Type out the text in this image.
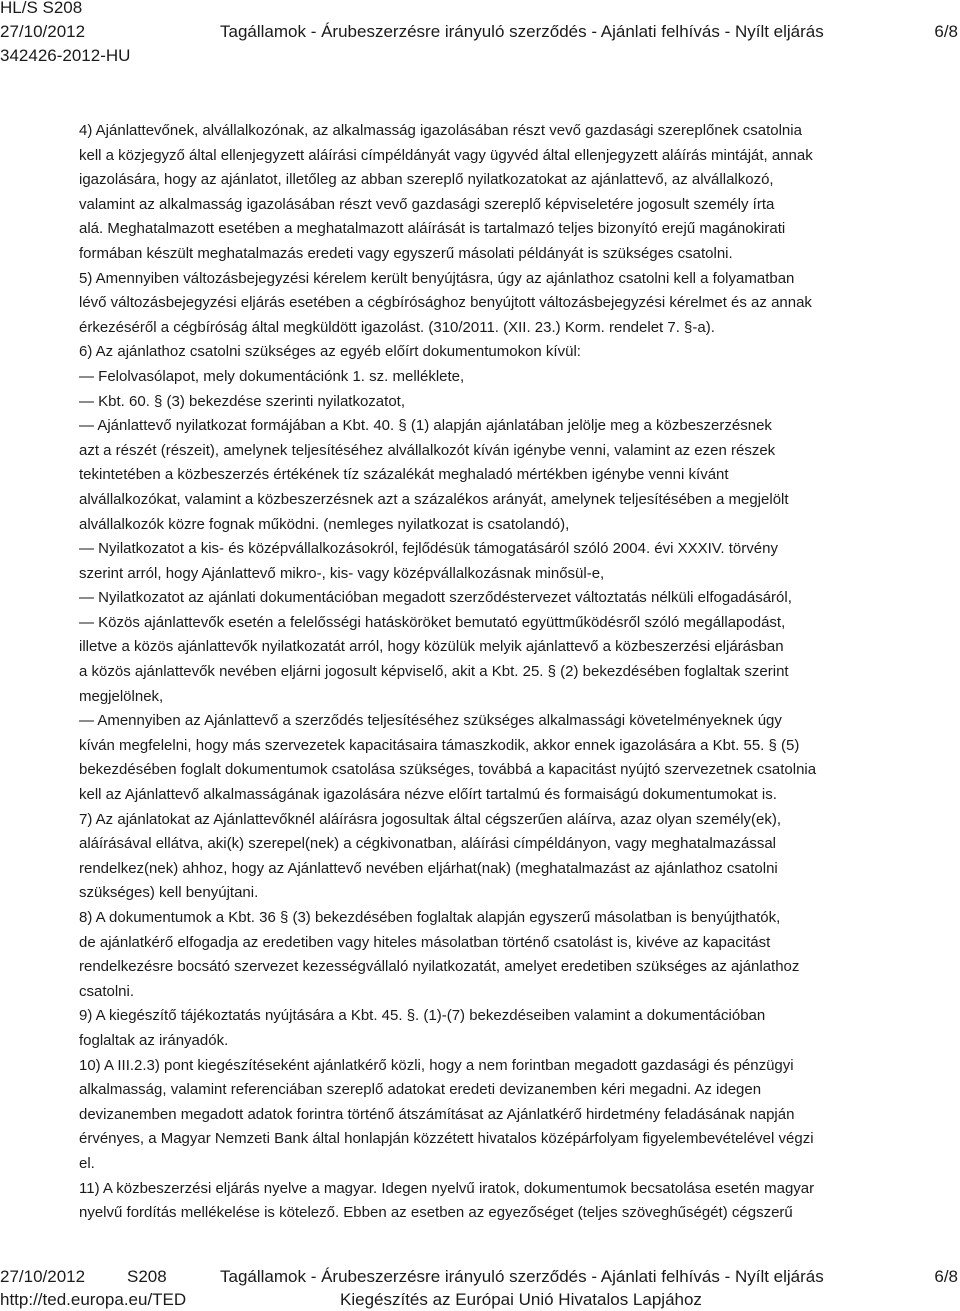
HL/S S208
27/10/2012	Tagállamok - Árubeszerzésre irányuló szerződés - Ajánlati felhívás - Nyílt eljárás	6/8
342426-2012-HU
4) Ajánlattevőnek, alvállalkozónak, az alkalmasság igazolásában részt vevő gazdasági szereplőnek csatolnia
kell a közjegyző által ellenjegyzett aláírási címpéldányát vagy ügyvéd által ellenjegyzett aláírás mintáját, annak
igazolására, hogy az ajánlatot, illetőleg az abban szereplő nyilatkozatokat az ajánlattevő, az alvállalkozó,
valamint az alkalmasság igazolásában részt vevő gazdasági szereplő képviseletére jogosult személy írta
alá. Meghatalmazott esetében a meghatalmazott aláírását is tartalmazó teljes bizonyító erejű magánokirati
formában készült meghatalmazás eredeti vagy egyszerű másolati példányát is szükséges csatolni.
5) Amennyiben változásbejegyzési kérelem került benyújtásra, úgy az ajánlathoz csatolni kell a folyamatban
lévő változásbejegyzési eljárás esetében a cégbírósághoz benyújtott változásbejegyzési kérelmet és az annak
érkezéséről a cégbíróság által megküldött igazolást. (310/2011. (XII. 23.) Korm. rendelet 7. §-a).
6) Az ajánlathoz csatolni szükséges az egyéb előírt dokumentumokon kívül:
— Felolvasólapot, mely dokumentációnk 1. sz. melléklete,
— Kbt. 60. § (3) bekezdése szerinti nyilatkozatot,
— Ajánlattevő nyilatkozat formájában a Kbt. 40. § (1) alapján ajánlatában jelölje meg a közbeszerzésnek
azt a részét (részeit), amelynek teljesítéséhez alvállalkozót kíván igénybe venni, valamint az ezen részek
tekintetében a közbeszerzés értékének tíz százalékát meghaladó mértékben igénybe venni kívánt
alvállalkozókat, valamint a közbeszerzésnek azt a százalékos arányát, amelynek teljesítésében a megjelölt
alvállalkozók közre fognak működni. (nemleges nyilatkozat is csatolandó),
— Nyilatkozatot a kis- és középvállalkozásokról, fejlődésük támogatásáról szóló 2004. évi XXXIV. törvény
szerint arról, hogy Ajánlattevő mikro-, kis- vagy középvállalkozásnak minősül-e,
— Nyilatkozatot az ajánlati dokumentációban megadott szerződéstervezet változtatás nélküli elfogadásáról,
— Közös ajánlattevők esetén a felelősségi hatásköröket bemutató együttműködésről szóló megállapodást,
illetve a közös ajánlattevők nyilatkozatát arról, hogy közülük melyik ajánlattevő a közbeszerzési eljárásban
a közös ajánlattevők nevében eljárni jogosult képviselő, akit a Kbt. 25. § (2) bekezdésében foglaltak szerint
megjelölnek,
— Amennyiben az Ajánlattevő a szerződés teljesítéséhez szükséges alkalmassági követelményeknek úgy
kíván megfelelni, hogy más szervezetek kapacitásaira támaszkodik, akkor ennek igazolására a Kbt. 55. § (5)
bekezdésében foglalt dokumentumok csatolása szükséges, továbbá a kapacitást nyújtó szervezetnek csatolnia
kell az Ajánlattevő alkalmasságának igazolására nézve előírt tartalmú és formaiságú dokumentumokat is.
7) Az ajánlatokat az Ajánlattevőknél aláírásra jogosultak által cégszerűen aláírva, azaz olyan személy(ek),
aláírásával ellátva, aki(k) szerepel(nek) a cégkivonatban, aláírási címpéldányon, vagy meghatalmazással
rendelkez(nek) ahhoz, hogy az Ajánlattevő nevében eljárhat(nak) (meghatalmazást az ajánlathoz csatolni
szükséges) kell benyújtani.
8) A dokumentumok a Kbt. 36 § (3) bekezdésében foglaltak alapján egyszerű másolatban is benyújthatók,
de ajánlatkérő elfogadja az eredetiben vagy hiteles másolatban történő csatolást is, kivéve az kapacitást
rendelkezésre bocsátó szervezet kezességvállaló nyilatkozatát, amelyet eredetiben szükséges az ajánlathoz
csatolni.
9) A kiegészítő tájékoztatás nyújtására a Kbt. 45. §. (1)-(7) bekezdéseiben valamint a dokumentációban
foglaltak az irányadók.
10) A III.2.3) pont kiegészítéseként ajánlatkérő közli, hogy a nem forintban megadott gazdasági és pénzügyi
alkalmasság, valamint referenciában szereplő adatokat eredeti devizanemben kéri megadni. Az idegen
devizanemben megadott adatok forintra történő átszámításat az Ajánlatkérő hirdetmény feladásának napján
érvényes, a Magyar Nemzeti Bank által honlapján közzétett hivatalos középárfolyam figyelembevételével végzi
el.
11) A közbeszerzési eljárás nyelve a magyar. Idegen nyelvű iratok, dokumentumok becsatolása esetén magyar
nyelvű fordítás mellékelése is kötelező. Ebben az esetben az egyezőséget (teljes szöveghűségét) cégszerű
27/10/2012 S208	Tagállamok - Árubeszerzésre irányuló szerződés - Ajánlati felhívás - Nyílt eljárás	6/8
http://ted.europa.eu/TED	Kiegészítés az Európai Unió Hivatalos Lapjához
